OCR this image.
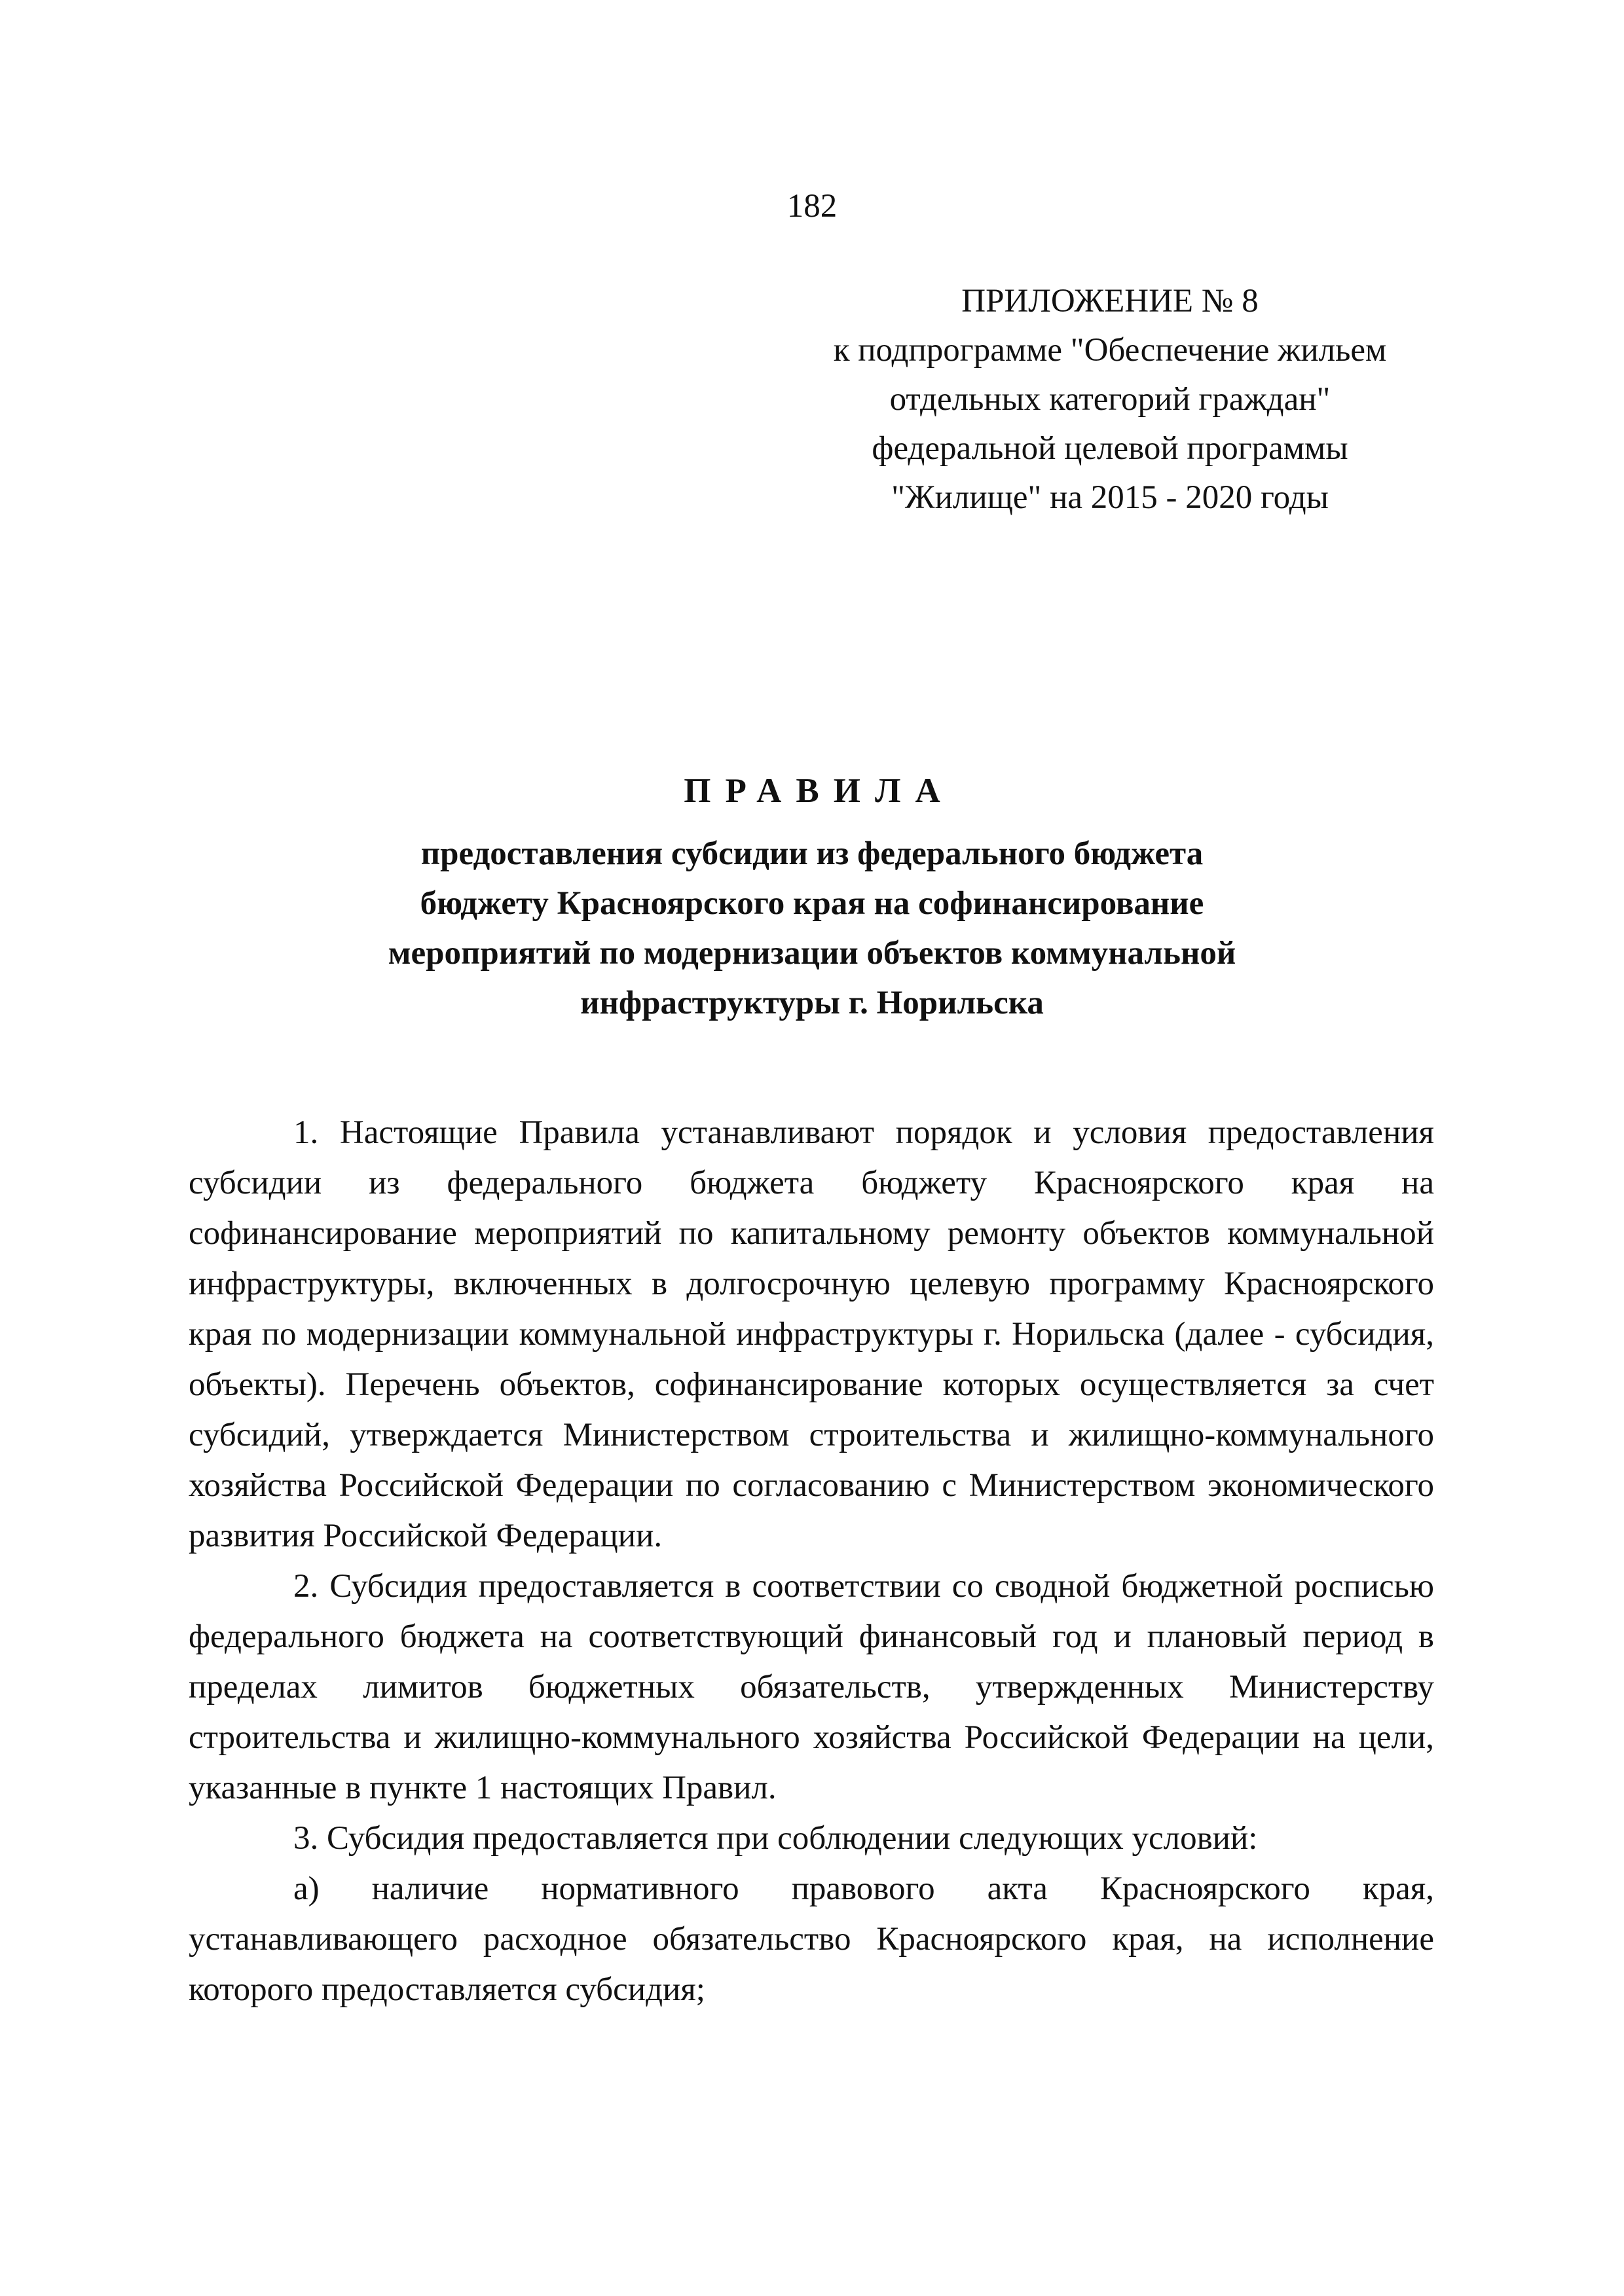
182
ПРИЛОЖЕНИЕ № 8
к подпрограмме "Обеспечение жильем
отдельных категорий граждан"
федеральной целевой программы
"Жилище" на 2015 - 2020 годы
ПРАВИЛА
предоставления субсидии из федерального бюджета
бюджету Красноярского края на софинансирование
мероприятий по модернизации объектов коммунальной
инфраструктуры г. Норильска

1. Настоящие Правила устанавливают порядок и условия предоставления субсидии из федерального бюджета бюджету Красноярского края на софинансирование мероприятий по капитальному ремонту объектов коммунальной инфраструктуры, включенных в долгосрочную целевую программу Красноярского края по модернизации коммунальной инфраструктуры г. Норильска (далее - субсидия, объекты). Перечень объектов, софинансирование которых осуществляется за счет субсидий, утверждается Министерством строительства и жилищно-коммунального хозяйства Российской Федерации по согласованию с Министерством экономического развития Российской Федерации.

2. Субсидия предоставляется в соответствии со сводной бюджетной росписью федерального бюджета на соответствующий финансовый год и плановый период в пределах лимитов бюджетных обязательств, утвержденных Министерству строительства и жилищно-коммунального хозяйства Российской Федерации на цели, указанные в пункте 1 настоящих Правил.

3. Субсидия предоставляется при соблюдении следующих условий:

а) наличие нормативного правового акта Красноярского края, устанавливающего расходное обязательство Красноярского края, на исполнение которого предоставляется субсидия;
